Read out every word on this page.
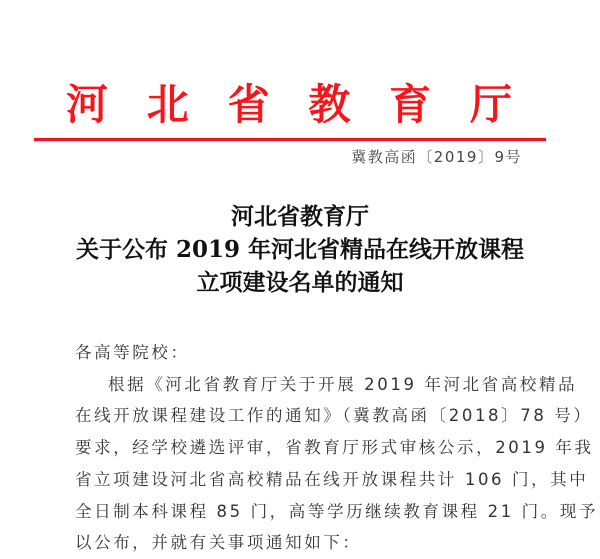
河 北 省 教 育 厅
冀教高函〔2019〕9号
河北省教育厅
关于公布 2019 年河北省精品在线开放课程
立项建设名单的通知
各高等院校：
根据《河北省教育厅关于开展 2019 年河北省高校精品
在线开放课程建设工作的通知》（冀教高函〔2018〕78 号）
要求，经学校遴选评审，省教育厅形式审核公示，2019 年我
省立项建设河北省高校精品在线开放课程共计 106 门，其中
全日制本科课程 85 门，高等学历继续教育课程 21 门。现予
以公布，并就有关事项通知如下：
